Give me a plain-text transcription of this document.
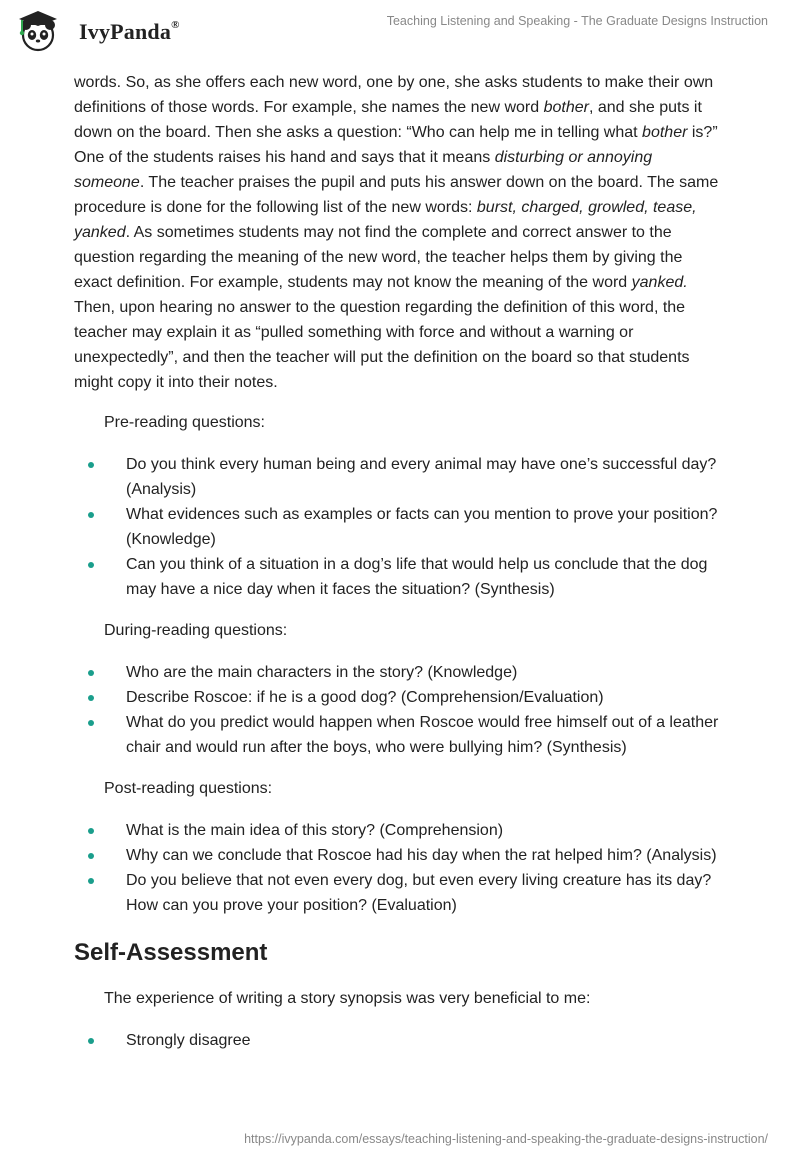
IvyPanda®	Teaching Listening and Speaking - The Graduate Designs Instruction

words. So, as she offers each new word, one by one, she asks students to make their own definitions of those words. For example, she names the new word bother, and she puts it down on the board. Then she asks a question: “Who can help me in telling what bother is?” One of the students raises his hand and says that it means disturbing or annoying someone. The teacher praises the pupil and puts his answer down on the board. The same procedure is done for the following list of the new words: burst, charged, growled, tease, yanked. As sometimes students may not find the complete and correct answer to the question regarding the meaning of the new word, the teacher helps them by giving the exact definition. For example, students may not know the meaning of the word yanked. Then, upon hearing no answer to the question regarding the definition of this word, the teacher may explain it as “pulled something with force and without a warning or unexpectedly”, and then the teacher will put the definition on the board so that students might copy it into their notes.

Pre-reading questions:

Do you think every human being and every animal may have one’s successful day? (Analysis)
What evidences such as examples or facts can you mention to prove your position? (Knowledge)
Can you think of a situation in a dog’s life that would help us conclude that the dog may have a nice day when it faces the situation? (Synthesis)

During-reading questions:

Who are the main characters in the story? (Knowledge)
Describe Roscoe: if he is a good dog? (Comprehension/Evaluation)
What do you predict would happen when Roscoe would free himself out of a leather chair and would run after the boys, who were bullying him? (Synthesis)

Post-reading questions:

What is the main idea of this story? (Comprehension)
Why can we conclude that Roscoe had his day when the rat helped him? (Analysis)
Do you believe that not even every dog, but even every living creature has its day? How can you prove your position? (Evaluation)
Self-Assessment

The experience of writing a story synopsis was very beneficial to me:

Strongly disagree
https://ivypanda.com/essays/teaching-listening-and-speaking-the-graduate-designs-instruction/
